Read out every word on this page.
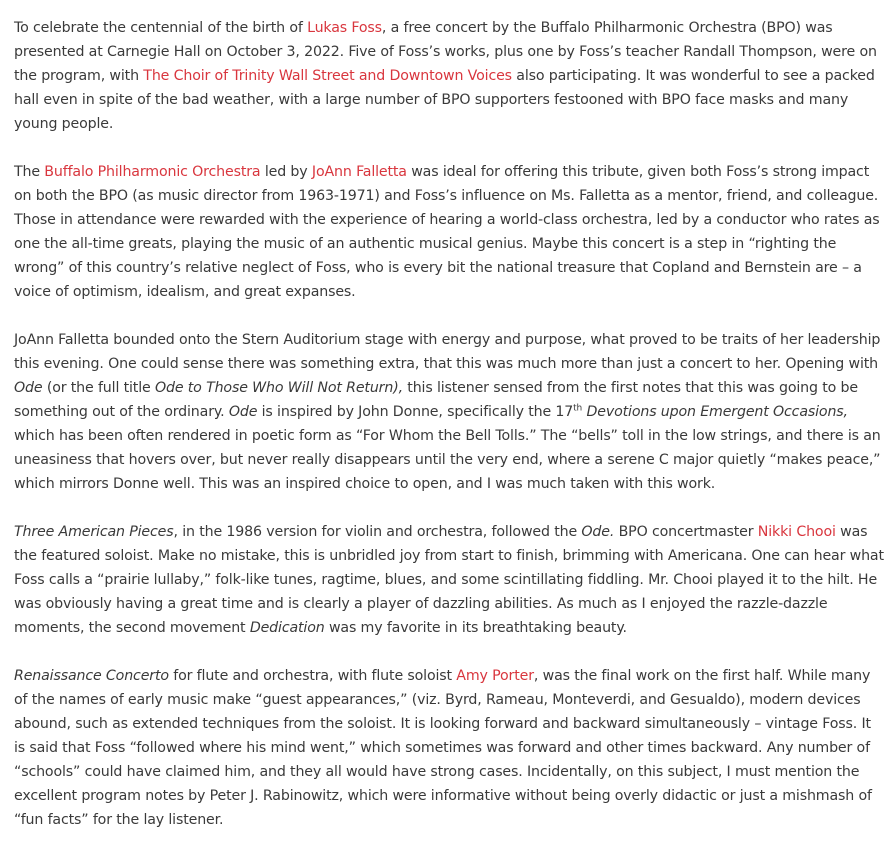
To celebrate the centennial of the birth of Lukas Foss, a free concert by the Buffalo Philharmonic Orchestra (BPO) was presented at Carnegie Hall on October 3, 2022. Five of Foss’s works, plus one by Foss’s teacher Randall Thompson, were on the program, with The Choir of Trinity Wall Street and Downtown Voices also participating. It was wonderful to see a packed hall even in spite of the bad weather, with a large number of BPO supporters festooned with BPO face masks and many young people.

The Buffalo Philharmonic Orchestra led by JoAnn Falletta was ideal for offering this tribute, given both Foss’s strong impact on both the BPO (as music director from 1963-1971) and Foss’s influence on Ms. Falletta as a mentor, friend, and colleague. Those in attendance were rewarded with the experience of hearing a world-class orchestra, led by a conductor who rates as one the all-time greats, playing the music of an authentic musical genius. Maybe this concert is a step in “righting the wrong” of this country’s relative neglect of Foss, who is every bit the national treasure that Copland and Bernstein are – a voice of optimism, idealism, and great expanses.

JoAnn Falletta bounded onto the Stern Auditorium stage with energy and purpose, what proved to be traits of her leadership this evening. One could sense there was something extra, that this was much more than just a concert to her. Opening with Ode (or the full title Ode to Those Who Will Not Return), this listener sensed from the first notes that this was going to be something out of the ordinary. Ode is inspired by John Donne, specifically the 17th Devotions upon Emergent Occasions, which has been often rendered in poetic form as “For Whom the Bell Tolls.” The “bells” toll in the low strings, and there is an uneasiness that hovers over, but never really disappears until the very end, where a serene C major quietly “makes peace,” which mirrors Donne well. This was an inspired choice to open, and I was much taken with this work.

Three American Pieces, in the 1986 version for violin and orchestra, followed the Ode. BPO concertmaster Nikki Chooi was the featured soloist. Make no mistake, this is unbridled joy from start to finish, brimming with Americana. One can hear what Foss calls a “prairie lullaby,” folk-like tunes, ragtime, blues, and some scintillating fiddling. Mr. Chooi played it to the hilt. He was obviously having a great time and is clearly a player of dazzling abilities. As much as I enjoyed the razzle-dazzle moments, the second movement Dedication was my favorite in its breathtaking beauty.

Renaissance Concerto for flute and orchestra, with flute soloist Amy Porter, was the final work on the first half. While many of the names of early music make “guest appearances,” (viz. Byrd, Rameau, Monteverdi, and Gesualdo), modern devices abound, such as extended techniques from the soloist. It is looking forward and backward simultaneously – vintage Foss. It is said that Foss “followed where his mind went,” which sometimes was forward and other times backward. Any number of “schools” could have claimed him, and they all would have strong cases. Incidentally, on this subject, I must mention the excellent program notes by Peter J. Rabinowitz, which were informative without being overly didactic or just a mishmash of “fun facts” for the lay listener.
